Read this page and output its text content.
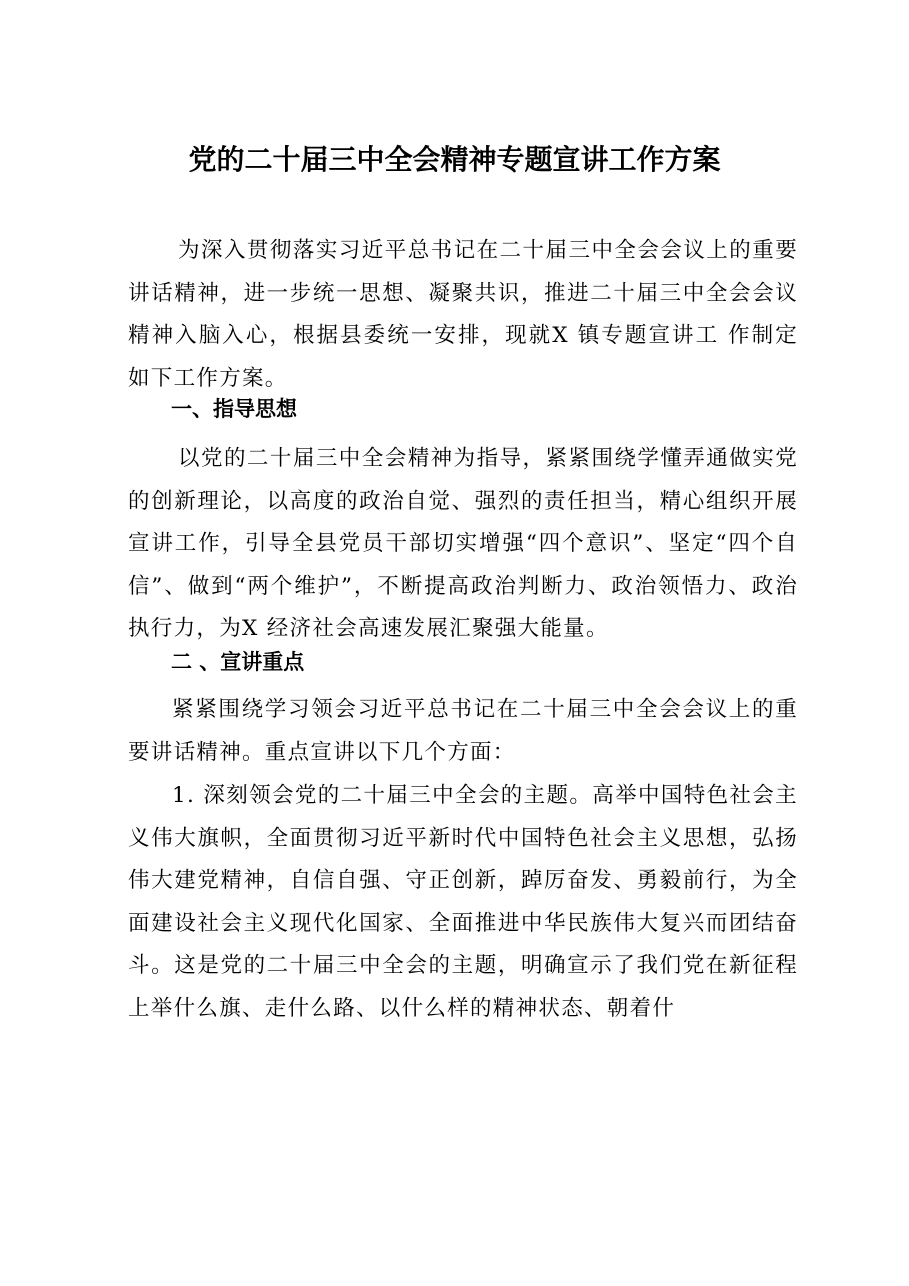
党的二十届三中全会精神专题宣讲工作方案

为深入贯彻落实习近平总书记在二十届三中全会会议上的重要讲话精神，进一步统一思想、凝聚共识，推进二十届三中全会会议精神入脑入心，根据县委统一安排，现就X 镇专题宣讲工 作制定如下工作方案。

一、指导思想

以党的二十届三中全会精神为指导，紧紧围绕学懂弄通做实党的创新理论，以高度的政治自觉、强烈的责任担当，精心组织开展宣讲工作，引导全县党员干部切实增强“四个意识”、坚定“四个自信”、做到“两个维护”，不断提高政治判断力、政治领悟力、政治执行力，为X 经济社会高速发展汇聚强大能量。

二 、宣讲重点

紧紧围绕学习领会习近平总书记在二十届三中全会会议上的重要讲话精神。重点宣讲以下几个方面：

1. 深刻领会党的二十届三中全会的主题。高举中国特色社会主义伟大旗帜，全面贯彻习近平新时代中国特色社会主义思想，弘扬伟大建党精神，自信自强、守正创新，踔厉奋发、勇毅前行，为全面建设社会主义现代化国家、全面推进中华民族伟大复兴而团结奋斗。这是党的二十届三中全会的主题，明确宣示了我们党在新征程上举什么旗、走什么路、以什么样的精神状态、朝着什
